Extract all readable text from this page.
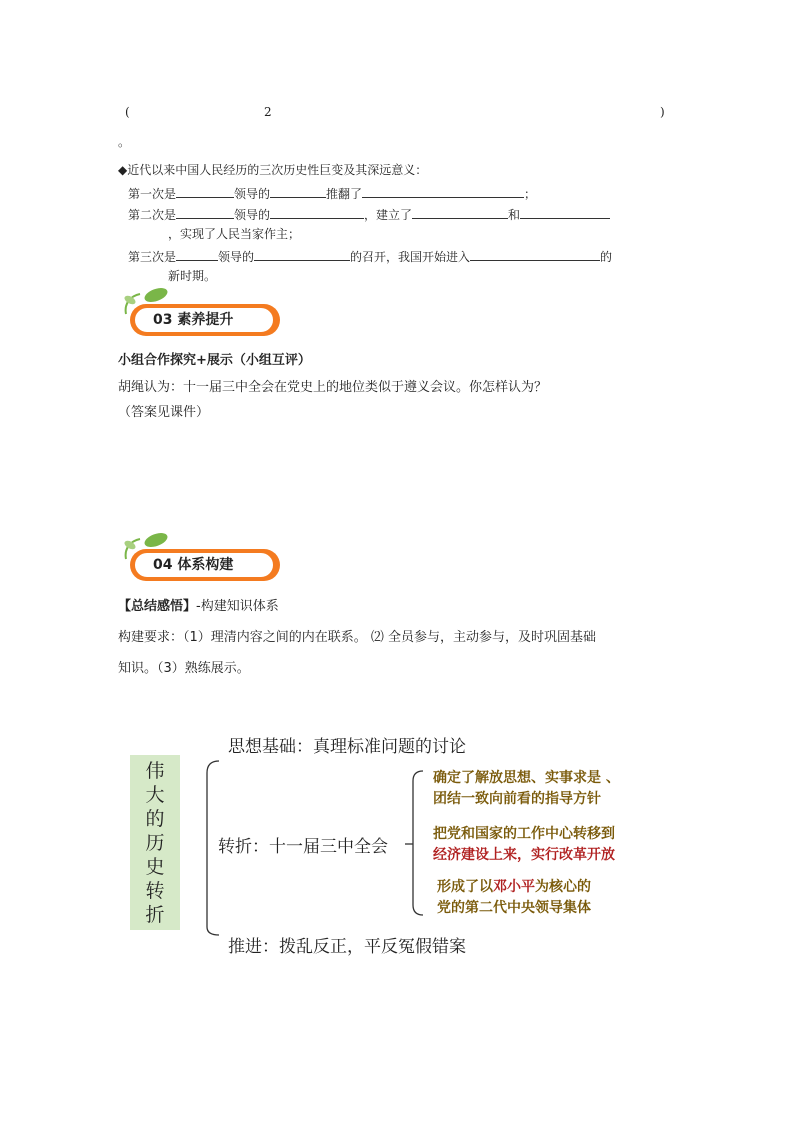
(	2	)
。
◆近代以来中国人民经历的三次历史性巨变及其深远意义：
第一次是	领导的	推翻了	；
第二次是	领导的	，建立了	和
，实现了人民当家作主；
第三次是	领导的	的召开，我国开始进入	的
新时期。
03 素养提升
小组合作探究+展示（小组互评）
胡绳认为：十一届三中全会在党史上的地位类似于遵义会议。你怎样认为？
（答案见课件）
04 体系构建
【总结感悟】-构建知识体系
构建要求：（1）理清内容之间的内在联系。 ⑵ 全员参与，主动参与，及时巩固基础
知识。（3）熟练展示。
伟
大
的
历
史
转
折
思想基础：真理标准问题的讨论
转折：十一届三中全会
推进：拨乱反正，平反冤假错案
确定了解放思想、实事求是 、
团结一致向前看的指导方针
把党和国家的工作中心转移到
经济建设上来，实行改革开放
形成了以邓小平为核心的
党的第二代中央领导集体
